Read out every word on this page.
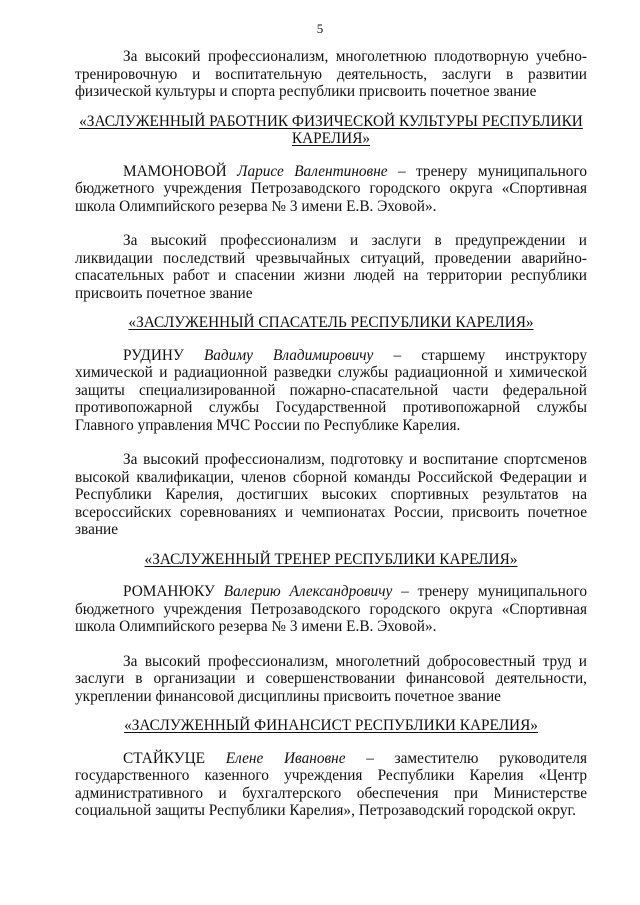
5

За высокий профессионализм, многолетнюю плодотворную учебно-тренировочную и воспитательную деятельность, заслуги в развитии физической культуры и спорта республики присвоить почетное звание

«ЗАСЛУЖЕННЫЙ РАБОТНИК ФИЗИЧЕСКОЙ КУЛЬТУРЫ РЕСПУБЛИКИ КАРЕЛИЯ»

МАМОНОВОЙ Ларисе Валентиновне – тренеру муниципального бюджетного учреждения Петрозаводского городского округа «Спортивная школа Олимпийского резерва № 3 имени Е.В. Эховой».

За высокий профессионализм и заслуги в предупреждении и ликвидации последствий чрезвычайных ситуаций, проведении аварийно-спасательных работ и спасении жизни людей на территории республики присвоить почетное звание

«ЗАСЛУЖЕННЫЙ СПАСАТЕЛЬ РЕСПУБЛИКИ КАРЕЛИЯ»

РУДИНУ Вадиму Владимировичу – старшему инструктору химической и радиационной разведки службы радиационной и химической защиты специализированной пожарно-спасательной части федеральной противопожарной службы Государственной противопожарной службы Главного управления МЧС России по Республике Карелия.

За высокий профессионализм, подготовку и воспитание спортсменов высокой квалификации, членов сборной команды Российской Федерации и Республики Карелия, достигших высоких спортивных результатов на всероссийских соревнованиях и чемпионатах России, присвоить почетное звание

«ЗАСЛУЖЕННЫЙ ТРЕНЕР РЕСПУБЛИКИ КАРЕЛИЯ»

РОМАНЮКУ Валерию Александровичу – тренеру муниципального бюджетного учреждения Петрозаводского городского округа «Спортивная школа Олимпийского резерва № 3 имени Е.В. Эховой».

За высокий профессионализм, многолетний добросовестный труд и заслуги в организации и совершенствовании финансовой деятельности, укреплении финансовой дисциплины присвоить почетное звание

«ЗАСЛУЖЕННЫЙ ФИНАНСИСТ РЕСПУБЛИКИ КАРЕЛИЯ»

СТАЙКУЦЕ Елене Ивановне – заместителю руководителя государственного казенного учреждения Республики Карелия «Центр административного и бухгалтерского обеспечения при Министерстве социальной защиты Республики Карелия», Петрозаводский городской округ.
